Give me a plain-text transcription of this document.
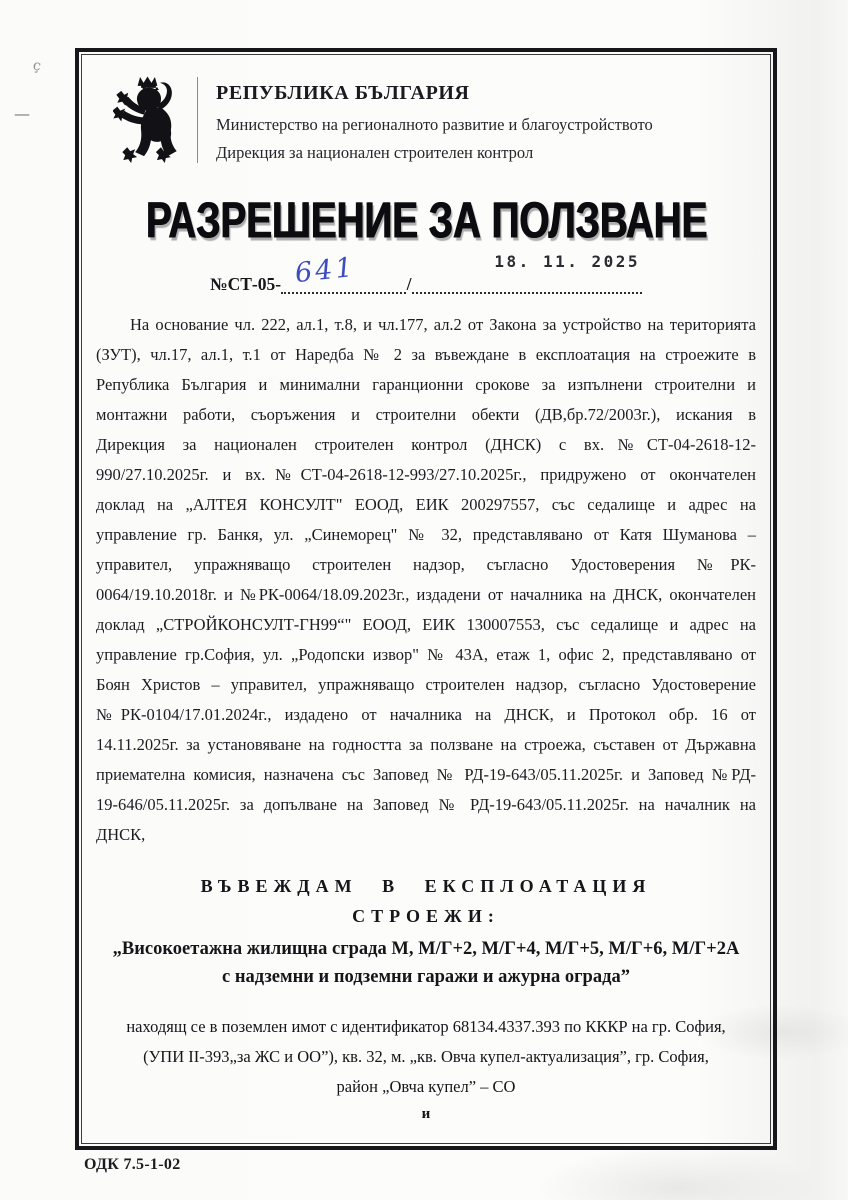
ç
—
РЕПУБЛИКА БЪЛГАРИЯ
Министерство на регионалното развитие и благоустройството
Дирекция за национален строителен контрол
РАЗРЕШЕНИЕ ЗА ПОЛЗВАНЕ
№СТ-05- 641	/
18. 11. 2025
На основание чл. 222, ал.1, т.8, и чл.177, ал.2 от Закона за устройство на територията
(ЗУТ), чл.17, ал.1, т.1 от Наредба № 2 за въвеждане в експлоатация на строежите в
Република България и минимални гаранционни срокове за изпълнени строителни и
монтажни работи, съоръжения и строителни обекти (ДВ,бр.72/2003г.), искания в
Дирекция за национален строителен контрол (ДНСК) с вх.№СТ-04-2618-12-
990/27.10.2025г. и вх.№СТ-04-2618-12-993/27.10.2025г., придружено от окончателен
доклад на „АЛТЕЯ КОНСУЛТ" ЕООД, ЕИК 200297557, със седалище и адрес на
управление гр. Банкя, ул. „Синеморец" № 32, представлявано от Катя Шуманова –
управител, упражняващо строителен надзор, съгласно Удостоверения №РК-
0064/19.10.2018г. и №РК-0064/18.09.2023г., издадени от началника на ДНСК, окончателен
доклад „СТРОЙКОНСУЛТ-ГН99“" ЕООД, ЕИК 130007553, със седалище и адрес на
управление гр.София, ул. „Родопски извор" № 43А, етаж 1, офис 2, представлявано от
Боян Христов – управител, упражняващо строителен надзор, съгласно Удостоверение
№РК-0104/17.01.2024г., издадено от началника на ДНСК, и Протокол обр. 16 от
14.11.2025г. за установяване на годността за ползване на строежа, съставен от Държавна
приемателна комисия, назначена със Заповед № РД-19-643/05.11.2025г. и Заповед №РД-
19-646/05.11.2025г. за допълване на Заповед № РД-19-643/05.11.2025г. на началник на
ДНСК,
ВЪВЕЖДАМ В ЕКСПЛОАТАЦИЯ
СТРОЕЖИ:
„Високоетажна жилищна сграда М, М/Г+2, М/Г+4, М/Г+5, М/Г+6, М/Г+2А
с надземни и подземни гаражи и ажурна ограда”
находящ се в поземлен имот с идентификатор 68134.4337.393 по КККР на гр. София,
(УПИ II-393„за ЖС и ОО”), кв. 32, м. „кв. Овча купел-актуализация”, гр. София,
район „Овча купел” – СО
и
ОДК 7.5-1-02
